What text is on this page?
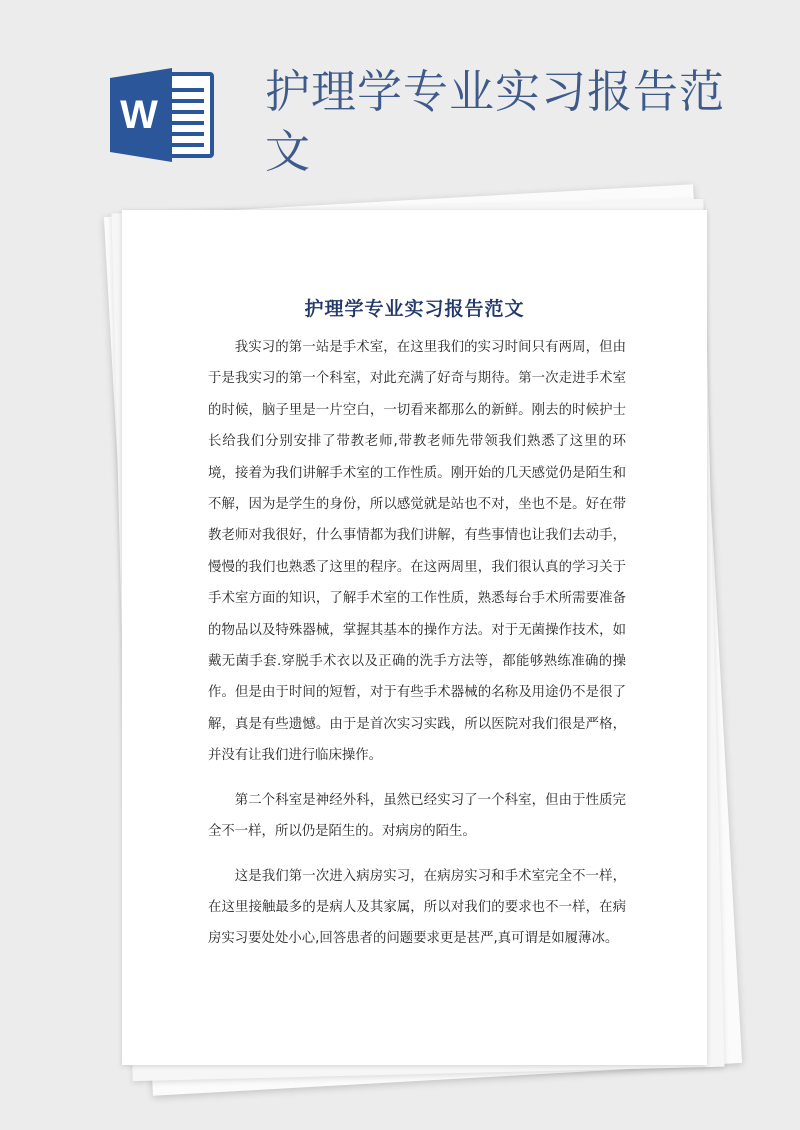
W 护理学专业实习报告范文
护理学专业实习报告范文

我实习的第一站是手术室，在这里我们的实习时间只有两周，但由于是我实习的第一个科室，对此充满了好奇与期待。第一次走进手术室的时候，脑子里是一片空白，一切看来都那么的新鲜。刚去的时候护士长给我们分别安排了带教老师,带教老师先带领我们熟悉了这里的环境，接着为我们讲解手术室的工作性质。刚开始的几天感觉仍是陌生和不解，因为是学生的身份，所以感觉就是站也不对，坐也不是。好在带教老师对我很好，什么事情都为我们讲解，有些事情也让我们去动手，慢慢的我们也熟悉了这里的程序。在这两周里，我们很认真的学习关于手术室方面的知识，了解手术室的工作性质，熟悉每台手术所需要准备的物品以及特殊器械，掌握其基本的操作方法。对于无菌操作技术，如戴无菌手套.穿脱手术衣以及正确的洗手方法等，都能够熟练准确的操作。但是由于时间的短暂，对于有些手术器械的名称及用途仍不是很了解，真是有些遗憾。由于是首次实习实践，所以医院对我们很是严格，并没有让我们进行临床操作。

第二个科室是神经外科，虽然已经实习了一个科室，但由于性质完全不一样，所以仍是陌生的。对病房的陌生。

这是我们第一次进入病房实习，在病房实习和手术室完全不一样，在这里接触最多的是病人及其家属，所以对我们的要求也不一样，在病房实习要处处小心,回答患者的问题要求更是甚严,真可谓是如履薄冰。
